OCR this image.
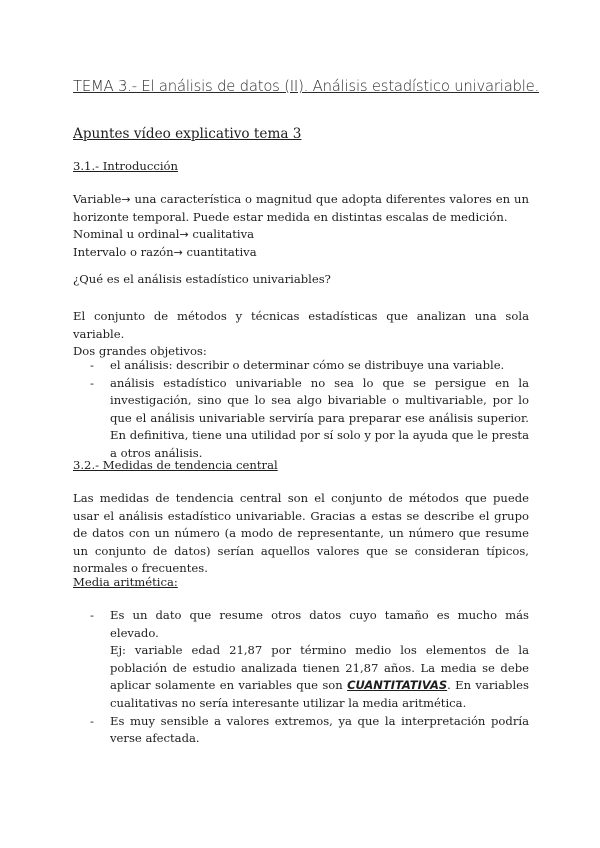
TEMA 3.- El análisis de datos (II). Análisis estadístico univariable.
Apuntes vídeo explicativo tema 3
3.1.- Introducción

Variable→ una característica o magnitud que adopta diferentes valores en un horizonte temporal. Puede estar medida en distintas escalas de medición.

Nominal u ordinal→ cualitativa

Intervalo o razón→ cuantitativa

¿Qué es el análisis estadístico univariables?

El conjunto de métodos y técnicas estadísticas que analizan una sola variable.

Dos grandes objetivos:

- el análisis: describir o determinar cómo se distribuye una variable.
- análisis estadístico univariable no sea lo que se persigue en la investigación, sino que lo sea algo bivariable o multivariable, por lo que el análisis univariable serviría para preparar ese análisis superior. En definitiva, tiene una utilidad por sí solo y por la ayuda que le presta a otros análisis.
3.2.- Medidas de tendencia central

Las medidas de tendencia central son el conjunto de métodos que puede usar el análisis estadístico univariable. Gracias a estas se describe el grupo de datos con un número (a modo de representante, un número que resume un conjunto de datos) serían aquellos valores que se consideran típicos, normales o frecuentes.

Media aritmética:
- Es un dato que resume otros datos cuyo tamaño es mucho más elevado.
Ej: variable edad 21,87 por término medio los elementos de la población de estudio analizada tienen 21,87 años. La media se debe aplicar solamente en variables que son CUANTITATIVAS. En variables cualitativas no sería interesante utilizar la media aritmética.
- Es muy sensible a valores extremos, ya que la interpretación podría verse afectada.
